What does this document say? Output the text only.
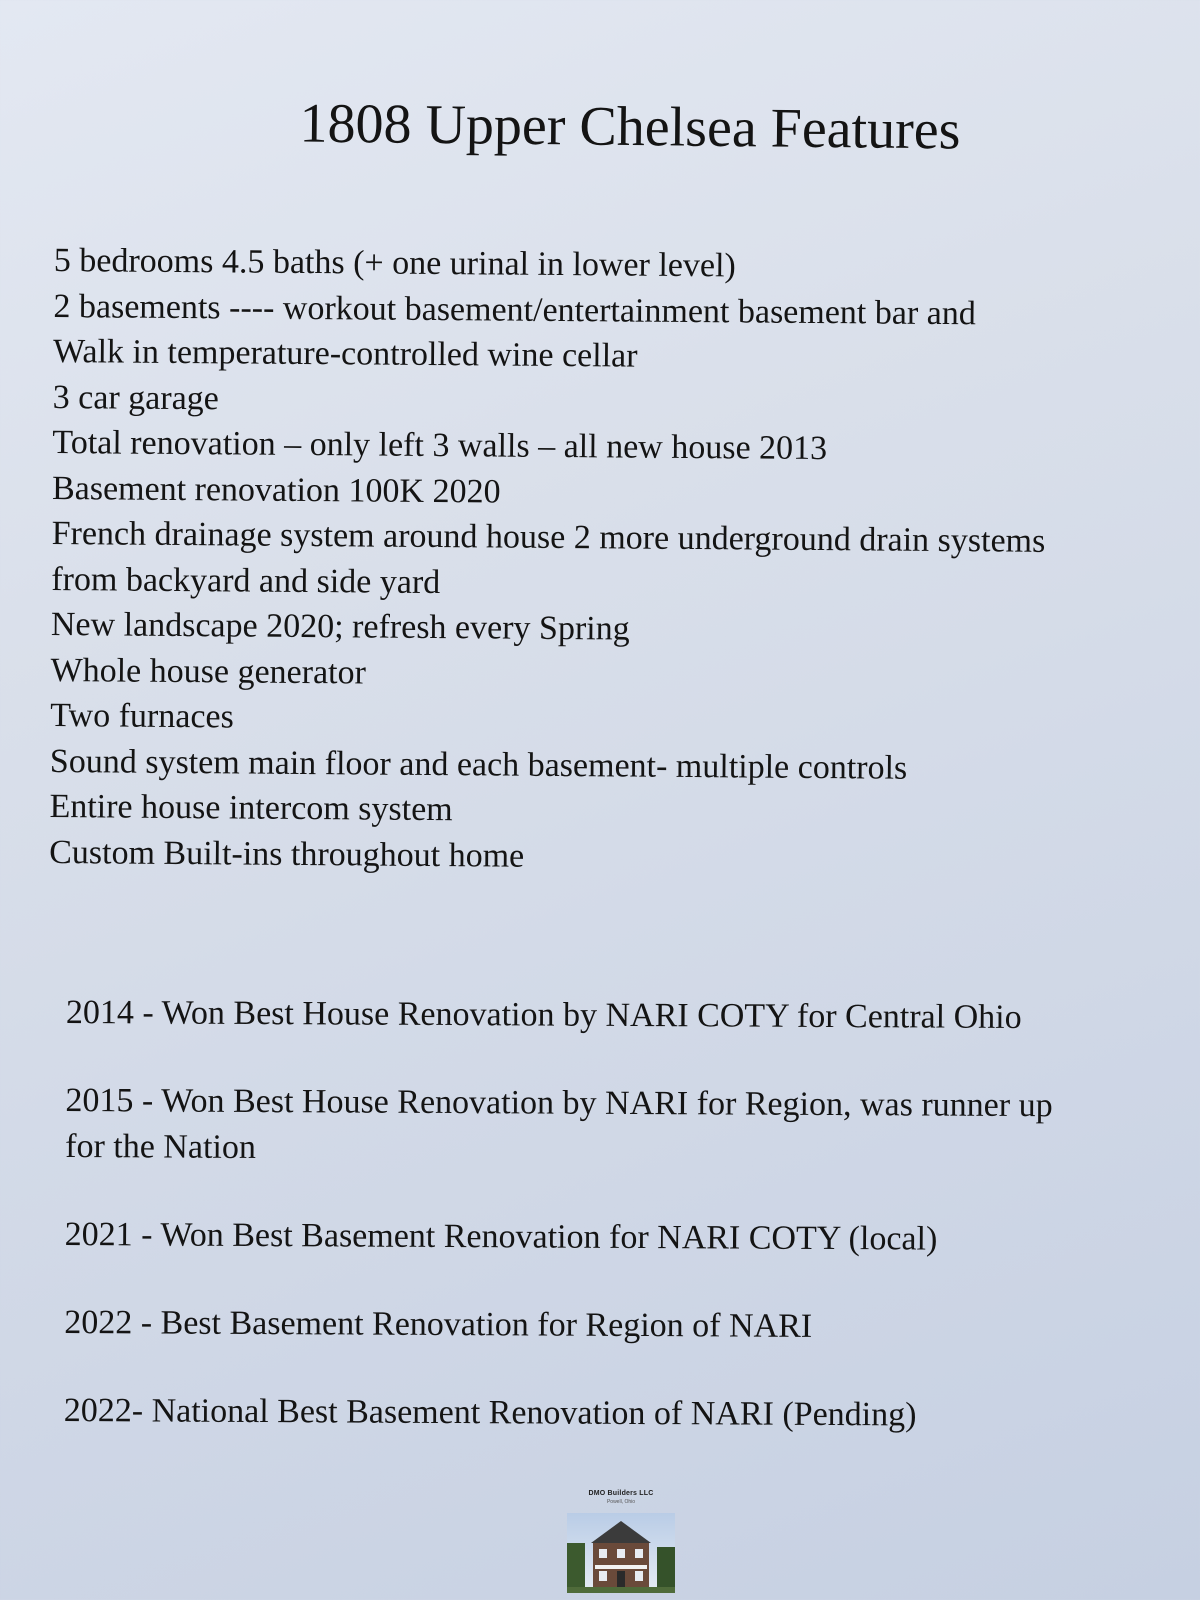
1808 Upper Chelsea Features
5 bedrooms 4.5 baths (+ one urinal in lower level)
2 basements ---- workout basement/entertainment basement bar and
Walk in temperature-controlled wine cellar
3 car garage
Total renovation – only left 3 walls – all new house 2013
Basement renovation 100K 2020
French drainage system around house 2 more underground drain systems
from backyard and side yard
New landscape 2020; refresh every Spring
Whole house generator
Two furnaces
Sound system main floor and each basement- multiple controls
Entire house intercom system
Custom Built-ins throughout home
2014 - Won Best House Renovation by NARI COTY for Central Ohio
2015 - Won Best House Renovation by NARI for Region, was runner up
for the Nation
2021 - Won Best Basement Renovation for NARI COTY (local)
2022 - Best Basement Renovation for Region of NARI
2022- National Best Basement Renovation of NARI (Pending)
DMO Builders LLC
Powell, Ohio
